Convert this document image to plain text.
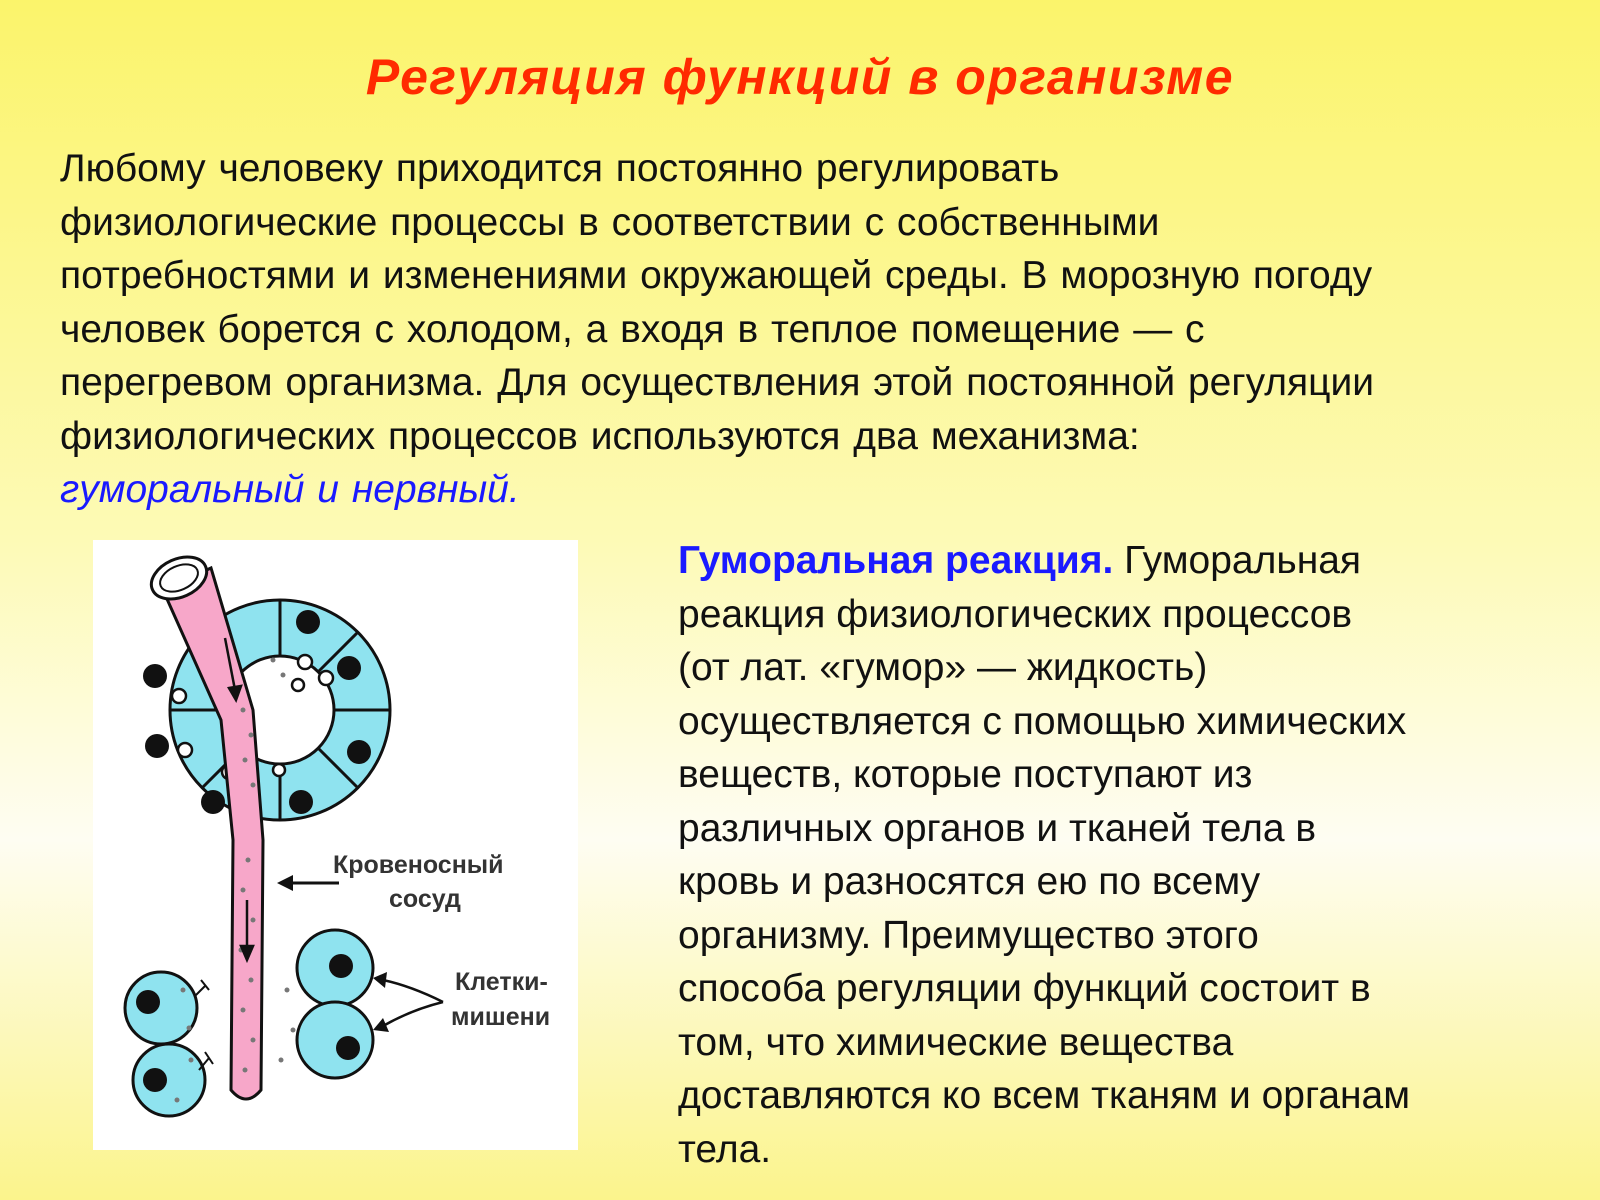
Регуляция функций в организме
Любому человеку приходится постоянно регулировать
физиологические процессы в соответствии с собственными
потребностями и изменениями окружающей среды. В морозную погоду
человек борется с холодом, а входя в теплое помещение — с
перегревом организма. Для осуществления этой постоянной регуляции
физиологических процессов используются два механизма:
гуморальный и нервный.
Кровеносный
сосуд
Клетки-
мишени
Гуморальная реакция. Гуморальная
реакция физиологических процессов
(от лат. «гумор» — жидкость)
осуществляется с помощью химических
веществ, которые поступают из
различных органов и тканей тела в
кровь и разносятся ею по всему
организму. Преимущество этого
способа регуляции функций состоит в
том, что химические вещества
доставляются ко всем тканям и органам
тела.
